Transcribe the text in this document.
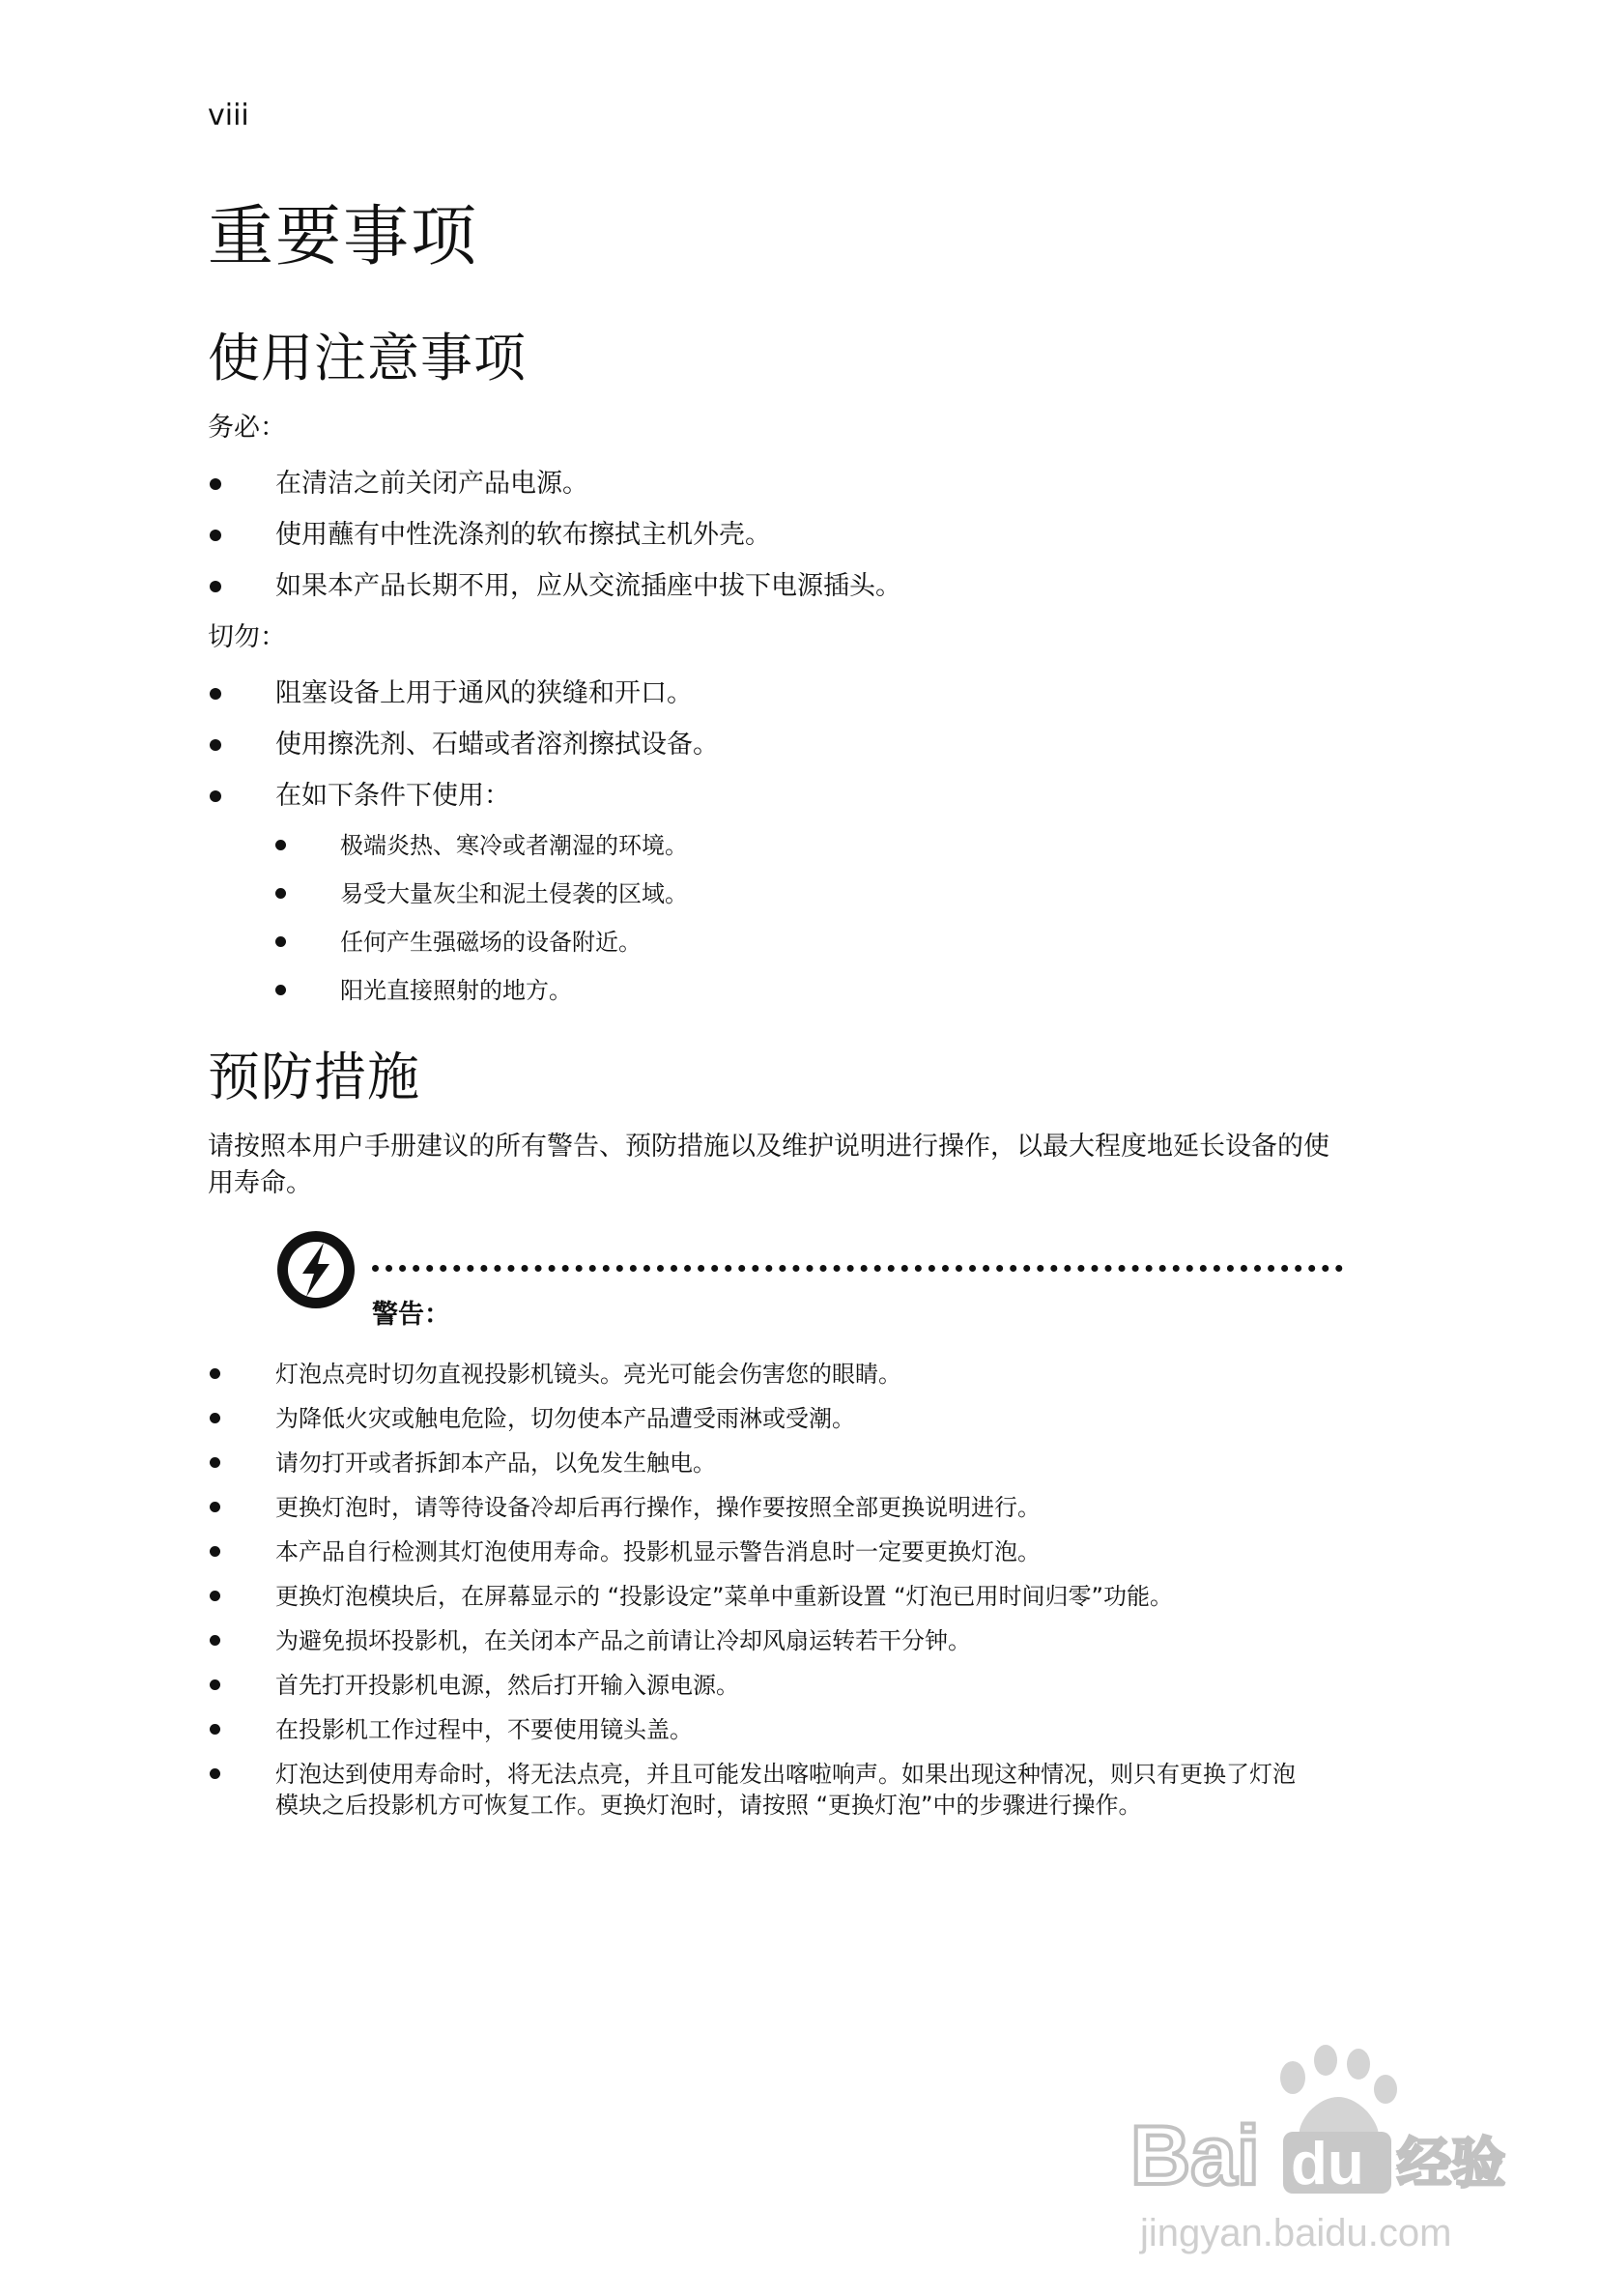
viii

重要事项
使用注意事项

务必：

在清洁之前关闭产品电源。
使用蘸有中性洗涤剂的软布擦拭主机外壳。
如果本产品长期不用，应从交流插座中拔下电源插头。

切勿：

阻塞设备上用于通风的狭缝和开口。
使用擦洗剂、石蜡或者溶剂擦拭设备。
在如下条件下使用：
极端炎热、寒冷或者潮湿的环境。
易受大量灰尘和泥土侵袭的区域。
任何产生强磁场的设备附近。
阳光直接照射的地方。
预防措施

请按照本用户手册建议的所有警告、预防措施以及维护说明进行操作，以最大程度地延长设备的使用寿命。

警告：
灯泡点亮时切勿直视投影机镜头。亮光可能会伤害您的眼睛。
为降低火灾或触电危险，切勿使本产品遭受雨淋或受潮。
请勿打开或者拆卸本产品，以免发生触电。
更换灯泡时，请等待设备冷却后再行操作，操作要按照全部更换说明进行。
本产品自行检测其灯泡使用寿命。投影机显示警告消息时一定要更换灯泡。
更换灯泡模块后，在屏幕显示的 “投影设定”菜单中重新设置 “灯泡已用时间归零”功能。
为避免损坏投影机，在关闭本产品之前请让冷却风扇运转若干分钟。
首先打开投影机电源，然后打开输入源电源。
在投影机工作过程中，不要使用镜头盖。
灯泡达到使用寿命时，将无法点亮，并且可能发出喀啦响声。如果出现这种情况，则只有更换了灯泡模块之后投影机方可恢复工作。更换灯泡时，请按照 “更换灯泡”中的步骤进行操作。
Bai du 经验
jingyan.baidu.com
